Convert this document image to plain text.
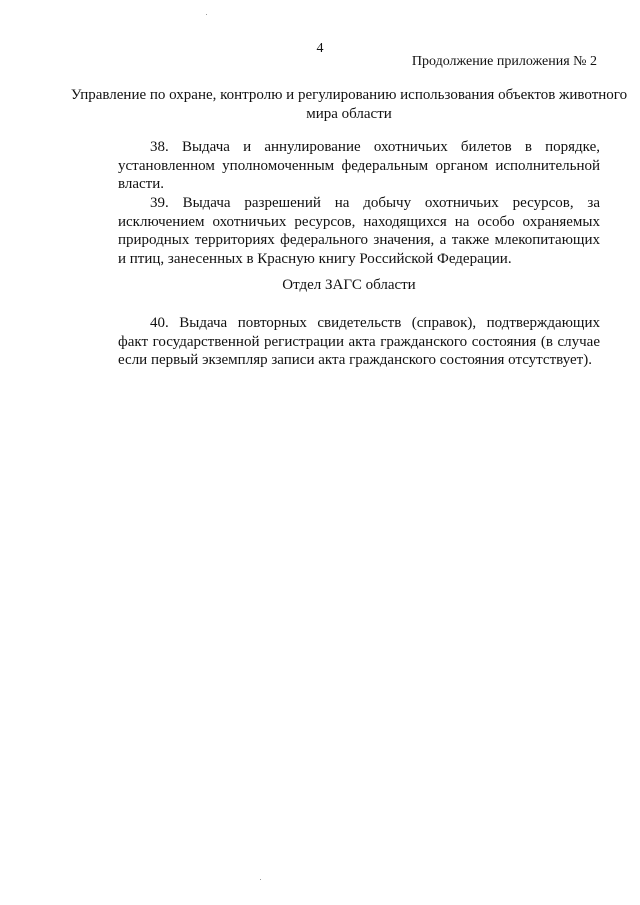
4
Продолжение приложения № 2
Управление по охране, контролю и регулированию использования объектов животного мира области

38. Выдача и аннулирование охотничьих билетов в порядке, установленном уполномоченным федеральным органом исполнительной власти.

39. Выдача разрешений на добычу охотничьих ресурсов, за исключением охотничьих ресурсов, находящихся на особо охраняемых природных территориях федерального значения, а также млекопитающих и птиц, занесенных в Красную книгу Российской Федерации.

Отдел ЗАГС области

40. Выдача повторных свидетельств (справок), подтверждающих факт государственной регистрации акта гражданского состояния (в случае если первый экземпляр записи акта гражданского состояния отсутствует).
